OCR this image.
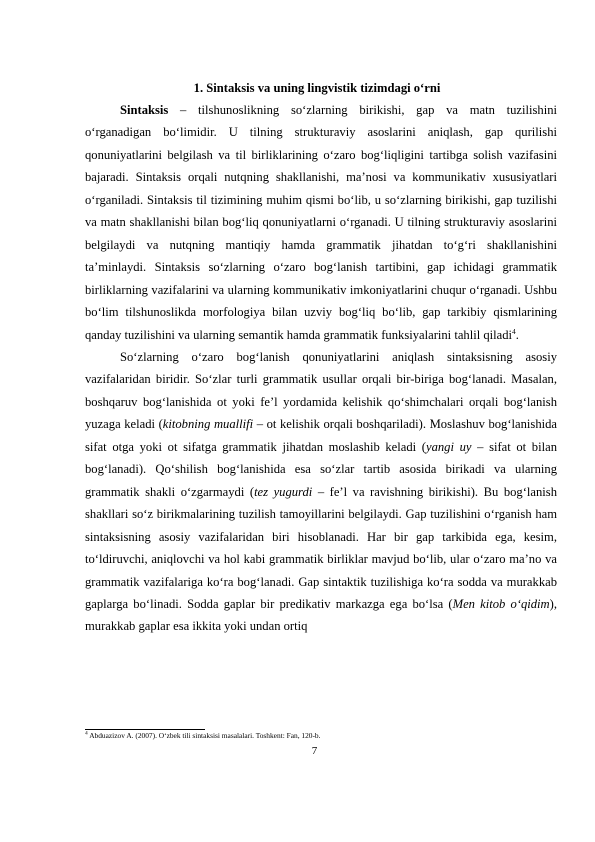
1. Sintaksis va uning lingvistik tizimdagi o‘rni

Sintaksis – tilshunoslikning so‘zlarning birikishi, gap va matn tuzilishini o‘rganadigan bo‘limidir. U tilning strukturaviy asoslarini aniqlash, gap qurilishi qonuniyatlarini belgilash va til birliklarining o‘zaro bog‘liqligini tartibga solish vazifasini bajaradi. Sintaksis orqali nutqning shakllanishi, ma’nosi va kommunikativ xususiyatlari o‘rganiladi. Sintaksis til tizimining muhim qismi bo‘lib, u so‘zlarning birikishi, gap tuzilishi va matn shakllanishi bilan bog‘liq qonuniyatlarni o‘rganadi. U tilning strukturaviy asoslarini belgilaydi va nutqning mantiqiy hamda grammatik jihatdan to‘g‘ri shakllanishini ta’minlaydi. Sintaksis so‘zlarning o‘zaro bog‘lanish tartibini, gap ichidagi grammatik birliklarning vazifalarini va ularning kommunikativ imkoniyatlarini chuqur o‘rganadi. Ushbu bo‘lim tilshunoslikda morfologiya bilan uzviy bog‘liq bo‘lib, gap tarkibiy qismlarining qanday tuzilishini va ularning semantik hamda grammatik funksiyalarini tahlil qiladi$^4$.

So‘zlarning o‘zaro bog‘lanish qonuniyatlarini aniqlash sintaksisning asosiy vazifalaridan biridir. So‘zlar turli grammatik usullar orqali bir-biriga bog‘lanadi. Masalan, boshqaruv bog‘lanishida ot yoki fe’l yordamida kelishik qo‘shimchalari orqali bog‘lanish yuzaga keladi (kitobning muallifi – ot kelishik orqali boshqariladi). Moslashuv bog‘lanishida sifat otga yoki ot sifatga grammatik jihatdan moslashib keladi (yangi uy – sifat ot bilan bog‘lanadi). Qo‘shilish bog‘lanishida esa so‘zlar tartib asosida birikadi va ularning grammatik shakli o‘zgarmaydi (tez yugurdi – fe’l va ravishning birikishi). Bu bog‘lanish shakllari so‘z birikmalarining tuzilish tamoyillarini belgilaydi. Gap tuzilishini o‘rganish ham sintaksisning asosiy vazifalaridan biri hisoblanadi. Har bir gap tarkibida ega, kesim, to‘ldiruvchi, aniqlovchi va hol kabi grammatik birliklar mavjud bo‘lib, ular o‘zaro ma’no va grammatik vazifalariga ko‘ra bog‘lanadi. Gap sintaktik tuzilishiga ko‘ra sodda va murakkab gaplarga bo‘linadi. Sodda gaplar bir predikativ markazga ega bo‘lsa (Men kitob o‘qidim), murakkab gaplar esa ikkita yoki undan ortiq

$^4$ Abduazizov A. (2007). O‘zbek tili sintaksisi masalalari. Toshkent: Fan, 120-b.
7
